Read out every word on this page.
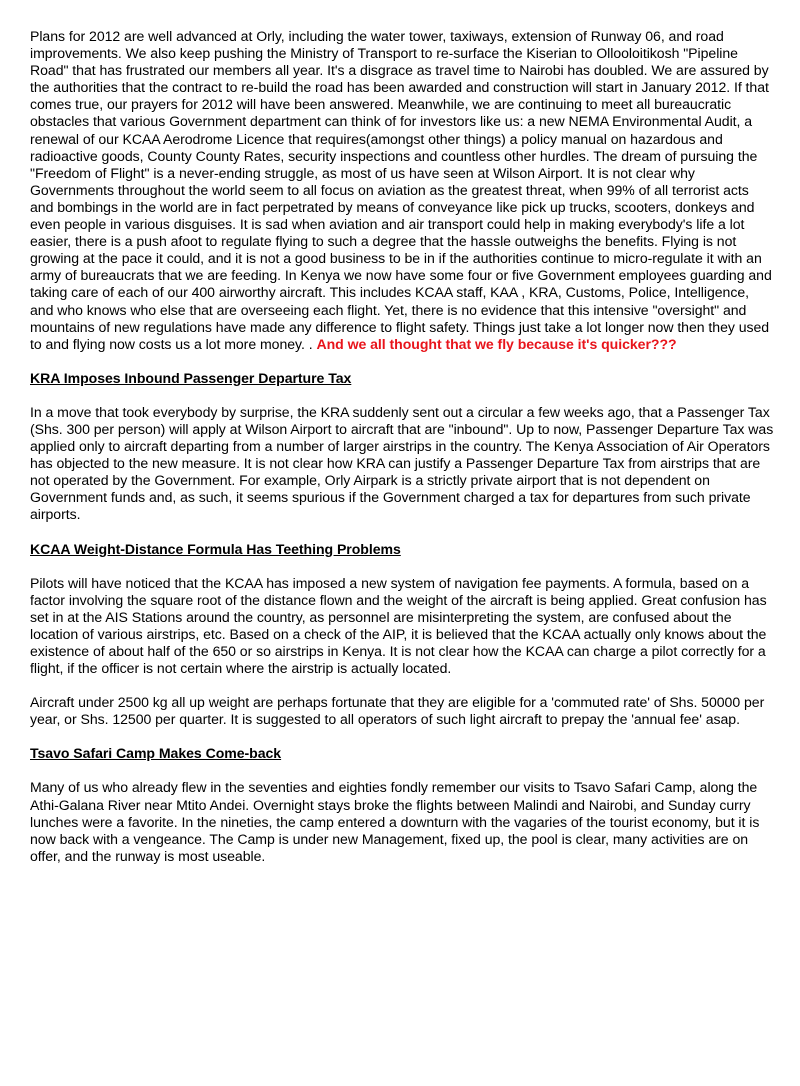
Plans for 2012 are well advanced at Orly, including the water tower, taxiways, extension of Runway 06, and road improvements. We also keep pushing the Ministry of Transport to re-surface the Kiserian to Ollooloitikosh "Pipeline Road" that has frustrated our members all year. It's a disgrace as travel time to Nairobi has doubled. We are assured by the authorities that the contract to re-build the road has been awarded and construction will start in January 2012. If that comes true, our prayers for 2012 will have been answered. Meanwhile, we are continuing to meet all bureaucratic obstacles that various Government department can think of for investors like us: a new NEMA Environmental Audit, a renewal of our KCAA Aerodrome Licence that requires(amongst other things) a policy manual on hazardous and radioactive goods, County County Rates, security inspections and countless other hurdles. The dream of pursuing the "Freedom of Flight" is a never-ending struggle, as most of us have seen at Wilson Airport. It is not clear why Governments throughout the world seem to all focus on aviation as the greatest threat, when 99% of all terrorist acts and bombings in the world are in fact perpetrated by means of conveyance like pick up trucks, scooters, donkeys and even people in various disguises. It is sad when aviation and air transport could help in making everybody's life a lot easier, there is a push afoot to regulate flying to such a degree that the hassle outweighs the benefits. Flying is not growing at the pace it could, and it is not a good business to be in if the authorities continue to micro-regulate it with an army of bureaucrats that we are feeding. In Kenya we now have some four or five Government employees guarding and taking care of each of our 400 airworthy aircraft. This includes KCAA staff, KAA , KRA, Customs, Police, Intelligence, and who knows who else that are overseeing each flight. Yet, there is no evidence that this intensive "oversight" and mountains of new regulations have made any difference to flight safety. Things just take a lot longer now then they used to and flying now costs us a lot more money. . And we all thought that we fly because it's quicker???

KRA Imposes Inbound Passenger Departure Tax

In a move that took everybody by surprise, the KRA suddenly sent out a circular a few weeks ago, that a Passenger Tax (Shs. 300 per person) will apply at Wilson Airport to aircraft that are "inbound". Up to now, Passenger Departure Tax was applied only to aircraft departing from a number of larger airstrips in the country. The Kenya Association of Air Operators has objected to the new measure. It is not clear how KRA can justify a Passenger Departure Tax from airstrips that are not operated by the Government. For example, Orly Airpark is a strictly private airport that is not dependent on Government funds and, as such, it seems spurious if the Government charged a tax for departures from such private airports.

KCAA Weight-Distance Formula Has Teething Problems

Pilots will have noticed that the KCAA has imposed a new system of navigation fee payments. A formula, based on a factor involving the square root of the distance flown and the weight of the aircraft is being applied. Great confusion has set in at the AIS Stations around the country, as personnel are misinterpreting the system, are confused about the location of various airstrips, etc. Based on a check of the AIP, it is believed that the KCAA actually only knows about the existence of about half of the 650 or so airstrips in Kenya. It is not clear how the KCAA can charge a pilot correctly for a flight, if the officer is not certain where the airstrip is actually located.

Aircraft under 2500 kg all up weight are perhaps fortunate that they are eligible for a 'commuted rate' of Shs. 50000 per year, or Shs. 12500 per quarter. It is suggested to all operators of such light aircraft to prepay the 'annual fee' asap.

Tsavo Safari Camp Makes Come-back

Many of us who already flew in the seventies and eighties fondly remember our visits to Tsavo Safari Camp, along the Athi-Galana River near Mtito Andei. Overnight stays broke the flights between Malindi and Nairobi, and Sunday curry lunches were a favorite. In the nineties, the camp entered a downturn with the vagaries of the tourist economy, but it is now back with a vengeance. The Camp is under new Management, fixed up, the pool is clear, many activities are on offer, and the runway is most useable.
